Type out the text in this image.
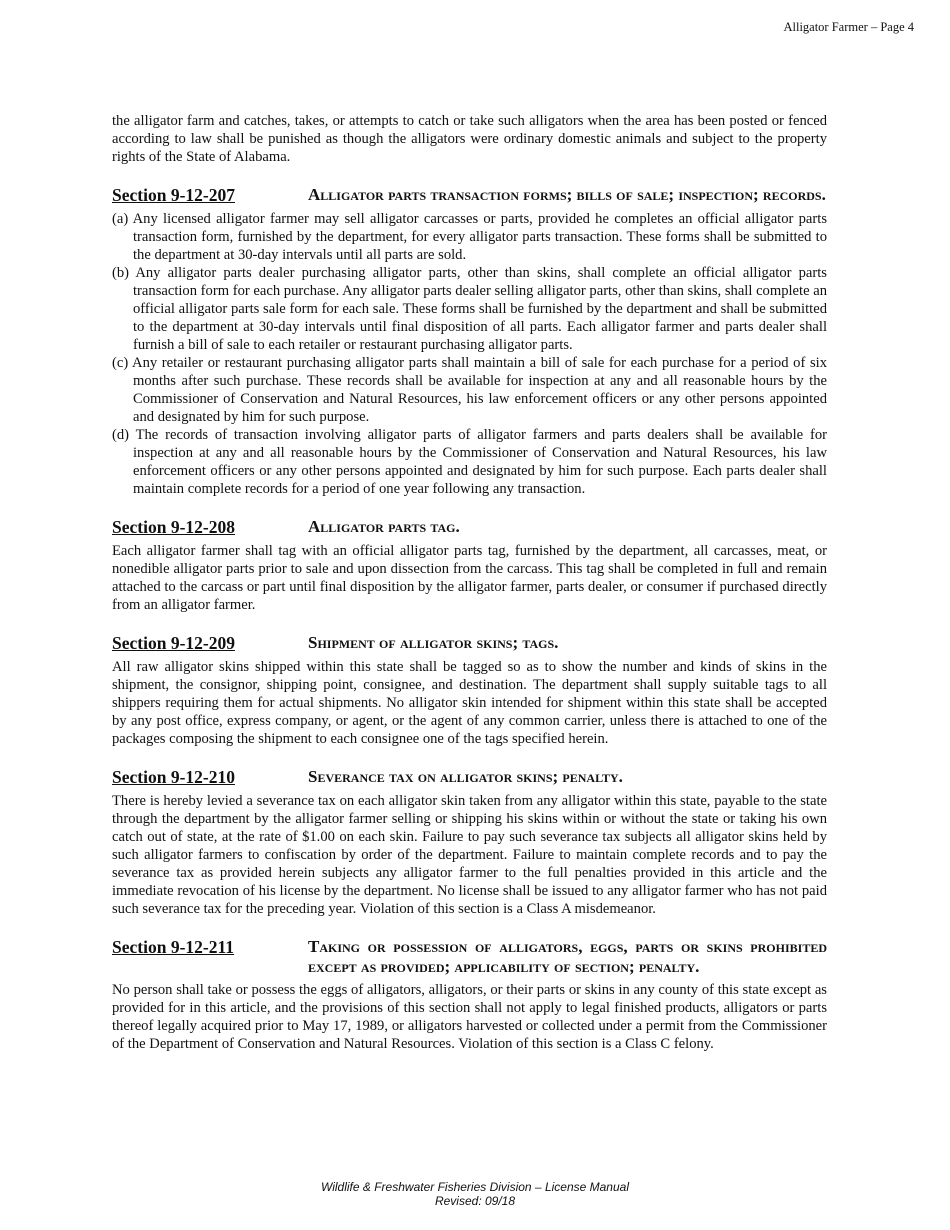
Alligator Farmer – Page 4

the alligator farm and catches, takes, or attempts to catch or take such alligators when the area has been posted or fenced according to law shall be punished as though the alligators were ordinary domestic animals and subject to the property rights of the State of Alabama.

Section 9-12-207	Alligator parts transaction forms; bills of sale; inspection; records.
(a) Any licensed alligator farmer may sell alligator carcasses or parts, provided he completes an official alligator parts transaction form, furnished by the department, for every alligator parts transaction. These forms shall be submitted to the department at 30-day intervals until all parts are sold.
(b) Any alligator parts dealer purchasing alligator parts, other than skins, shall complete an official alligator parts transaction form for each purchase. Any alligator parts dealer selling alligator parts, other than skins, shall complete an official alligator parts sale form for each sale. These forms shall be furnished by the department and shall be submitted to the department at 30-day intervals until final disposition of all parts. Each alligator farmer and parts dealer shall furnish a bill of sale to each retailer or restaurant purchasing alligator parts.
(c) Any retailer or restaurant purchasing alligator parts shall maintain a bill of sale for each purchase for a period of six months after such purchase. These records shall be available for inspection at any and all reasonable hours by the Commissioner of Conservation and Natural Resources, his law enforcement officers or any other persons appointed and designated by him for such purpose.
(d) The records of transaction involving alligator parts of alligator farmers and parts dealers shall be available for inspection at any and all reasonable hours by the Commissioner of Conservation and Natural Resources, his law enforcement officers or any other persons appointed and designated by him for such purpose. Each parts dealer shall maintain complete records for a period of one year following any transaction.
Section 9-12-208	Alligator parts tag.

Each alligator farmer shall tag with an official alligator parts tag, furnished by the department, all carcasses, meat, or nonedible alligator parts prior to sale and upon dissection from the carcass. This tag shall be completed in full and remain attached to the carcass or part until final disposition by the alligator farmer, parts dealer, or consumer if purchased directly from an alligator farmer.

Section 9-12-209	Shipment of alligator skins; tags.

All raw alligator skins shipped within this state shall be tagged so as to show the number and kinds of skins in the shipment, the consignor, shipping point, consignee, and destination. The department shall supply suitable tags to all shippers requiring them for actual shipments. No alligator skin intended for shipment within this state shall be accepted by any post office, express company, or agent, or the agent of any common carrier, unless there is attached to one of the packages composing the shipment to each consignee one of the tags specified herein.

Section 9-12-210	Severance tax on alligator skins; penalty.

There is hereby levied a severance tax on each alligator skin taken from any alligator within this state, payable to the state through the department by the alligator farmer selling or shipping his skins within or without the state or taking his own catch out of state, at the rate of $1.00 on each skin. Failure to pay such severance tax subjects all alligator skins held by such alligator farmers to confiscation by order of the department. Failure to maintain complete records and to pay the severance tax as provided herein subjects any alligator farmer to the full penalties provided in this article and the immediate revocation of his license by the department. No license shall be issued to any alligator farmer who has not paid such severance tax for the preceding year. Violation of this section is a Class A misdemeanor.

Section 9-12-211	Taking or possession of alligators, eggs, parts or skins prohibited except as provided; applicability of section; penalty.

No person shall take or possess the eggs of alligators, alligators, or their parts or skins in any county of this state except as provided for in this article, and the provisions of this section shall not apply to legal finished products, alligators or parts thereof legally acquired prior to May 17, 1989, or alligators harvested or collected under a permit from the Commissioner of the Department of Conservation and Natural Resources. Violation of this section is a Class C felony.

Wildlife & Freshwater Fisheries Division – License Manual
Revised: 09/18
